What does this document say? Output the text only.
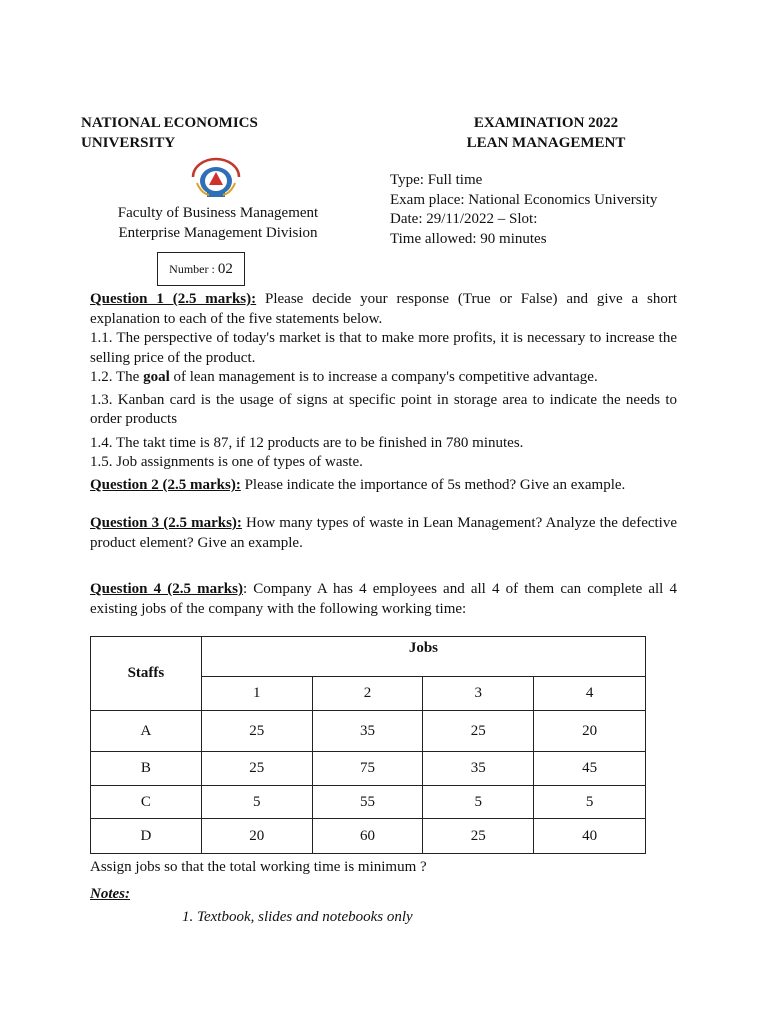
NATIONAL ECONOMICS
UNIVERSITY
EXAMINATION 2022
LEAN MANAGEMENT
Faculty of Business Management
Enterprise Management Division
Type: Full time
Exam place: National Economics University
Date: 29/11/2022 – Slot:
Time allowed: 90 minutes
Number : 02
Question 1 (2.5 marks): Please decide your response (True or False) and give a short explanation to each of the five statements below.
1.1. The perspective of today's market is that to make more profits, it is necessary to increase the selling price of the product.
1.2. The goal of lean management is to increase a company's competitive advantage.
1.3. Kanban card is the usage of signs at specific point in storage area to indicate the needs to order products
1.4. The takt time is 87, if 12 products are to be finished in 780 minutes.
1.5. Job assignments is one of types of waste.
Question 2 (2.5 marks): Please indicate the importance of 5s method? Give an example.
Question 3 (2.5 marks): How many types of waste in Lean Management? Analyze the defective product element? Give an example.
Question 4 (2.5 marks): Company A has 4 employees and all 4 of them can complete all 4 existing jobs of the company with the following working time:
Staffs	Jobs			
	1	2	3	4
A	25	35	25	20
B	25	75	35	45
C	5	55	5	5
D	20	60	25	40
Assign jobs so that the total working time is minimum ?
Notes:
1. Textbook, slides and notebooks only
